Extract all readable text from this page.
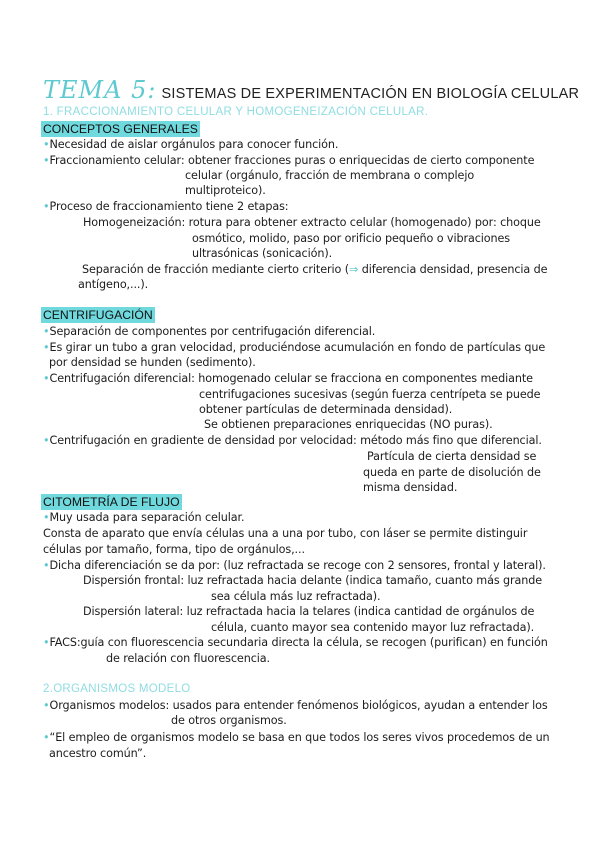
TEMA 5: SISTEMAS DE EXPERIMENTACIÓN EN BIOLOGÍA CELULAR
1. FRACCIONAMIENTO CELULAR Y HOMOGENEIZACIÓN CELULAR.
CONCEPTOS GENERALES
•Necesidad de aislar orgánulos para conocer función.
•Fraccionamiento celular: obtener fracciones puras o enriquecidas de cierto componente
celular (orgánulo, fracción de membrana o complejo
multiproteico).
•Proceso de fraccionamiento tiene 2 etapas:
Homogeneización: rotura para obtener extracto celular (homogenado) por: choque
osmótico, molido, paso por orificio pequeño o vibraciones
ultrasónicas (sonicación).
Separación de fracción mediante cierto criterio (⇒ diferencia densidad, presencia de
antígeno,...).
CENTRIFUGACIÓN
•Separación de componentes por centrifugación diferencial.
•Es girar un tubo a gran velocidad, produciéndose acumulación en fondo de partículas que
por densidad se hunden (sedimento).
•Centrifugación diferencial: homogenado celular se fracciona en componentes mediante
centrifugaciones sucesivas (según fuerza centrípeta se puede
obtener partículas de determinada densidad).
Se obtienen preparaciones enriquecidas (NO puras).
•Centrifugación en gradiente de densidad por velocidad: método más fino que diferencial.
Partícula de cierta densidad se
queda en parte de disolución de
misma densidad.
CITOMETRÍA DE FLUJO
•Muy usada para separación celular.
Consta de aparato que envía células una a una por tubo, con láser se permite distinguir
células por tamaño, forma, tipo de orgánulos,...
•Dicha diferenciación se da por: (luz refractada se recoge con 2 sensores, frontal y lateral).
Dispersión frontal: luz refractada hacia delante (indica tamaño, cuanto más grande
sea célula más luz refractada).
Dispersión lateral: luz refractada hacia la telares (indica cantidad de orgánulos de
célula, cuanto mayor sea contenido mayor luz refractada).
•FACS:guía con fluorescencia secundaria directa la célula, se recogen (purifican) en función
de relación con fluorescencia.
2.ORGANISMOS MODELO
•Organismos modelos: usados para entender fenómenos biológicos, ayudan a entender los
de otros organismos.
•“El empleo de organismos modelo se basa en que todos los seres vivos procedemos de un
ancestro común”.
